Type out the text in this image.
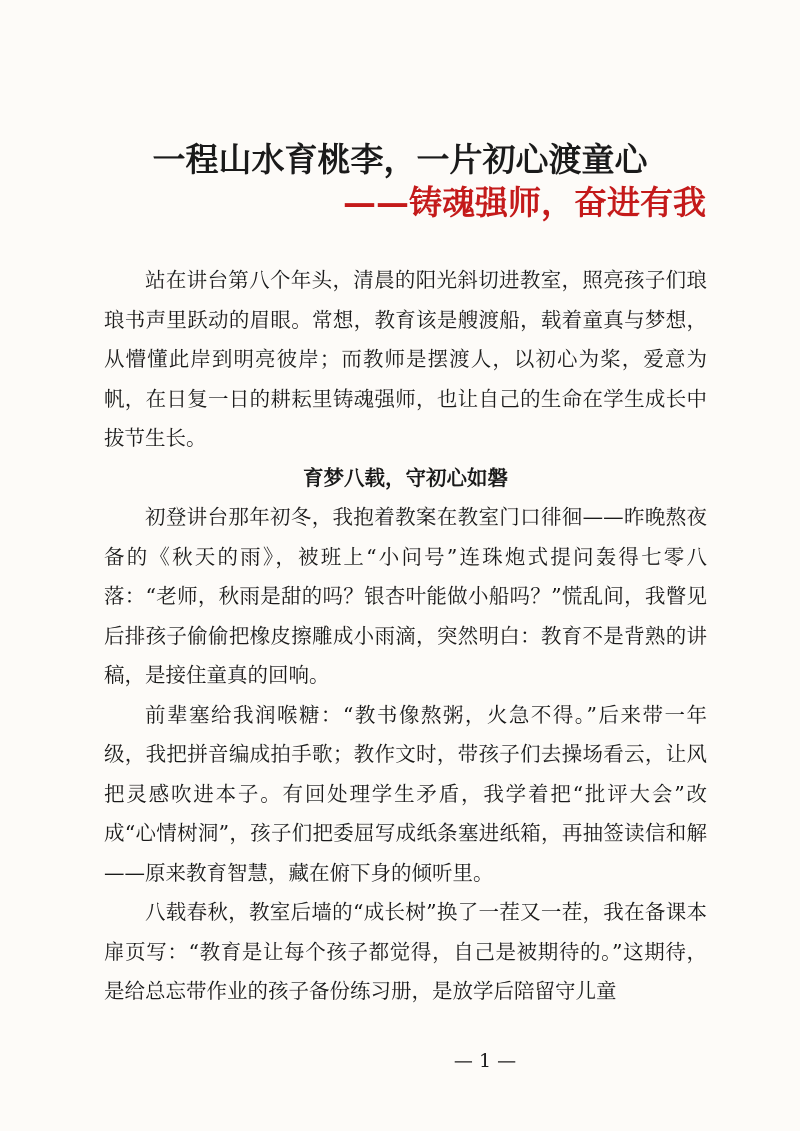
一程山水育桃李，一片初心渡童心
——铸魂强师，奋进有我

站在讲台第八个年头，清晨的阳光斜切进教室，照亮孩子们琅琅书声里跃动的眉眼。常想，教育该是艘渡船，载着童真与梦想，从懵懂此岸到明亮彼岸；而教师是摆渡人，以初心为桨，爱意为帆，在日复一日的耕耘里铸魂强师，也让自己的生命在学生成长中拔节生长。

育梦八载，守初心如磐

初登讲台那年初冬，我抱着教案在教室门口徘徊——昨晚熬夜备的《秋天的雨》，被班上“小问号”连珠炮式提问轰得七零八落：“老师，秋雨是甜的吗？银杏叶能做小船吗？”慌乱间，我瞥见后排孩子偷偷把橡皮擦雕成小雨滴，突然明白：教育不是背熟的讲稿，是接住童真的回响。

前辈塞给我润喉糖：“教书像熬粥，火急不得。”后来带一年级，我把拼音编成拍手歌；教作文时，带孩子们去操场看云，让风把灵感吹进本子。有回处理学生矛盾，我学着把“批评大会”改成“心情树洞”，孩子们把委屈写成纸条塞进纸箱，再抽签读信和解——原来教育智慧，藏在俯下身的倾听里。

八载春秋，教室后墙的“成长树”换了一茬又一茬，我在备课本扉页写：“教育是让每个孩子都觉得，自己是被期待的。”这期待，是给总忘带作业的孩子备份练习册，是放学后陪留守儿童

— 1 —
